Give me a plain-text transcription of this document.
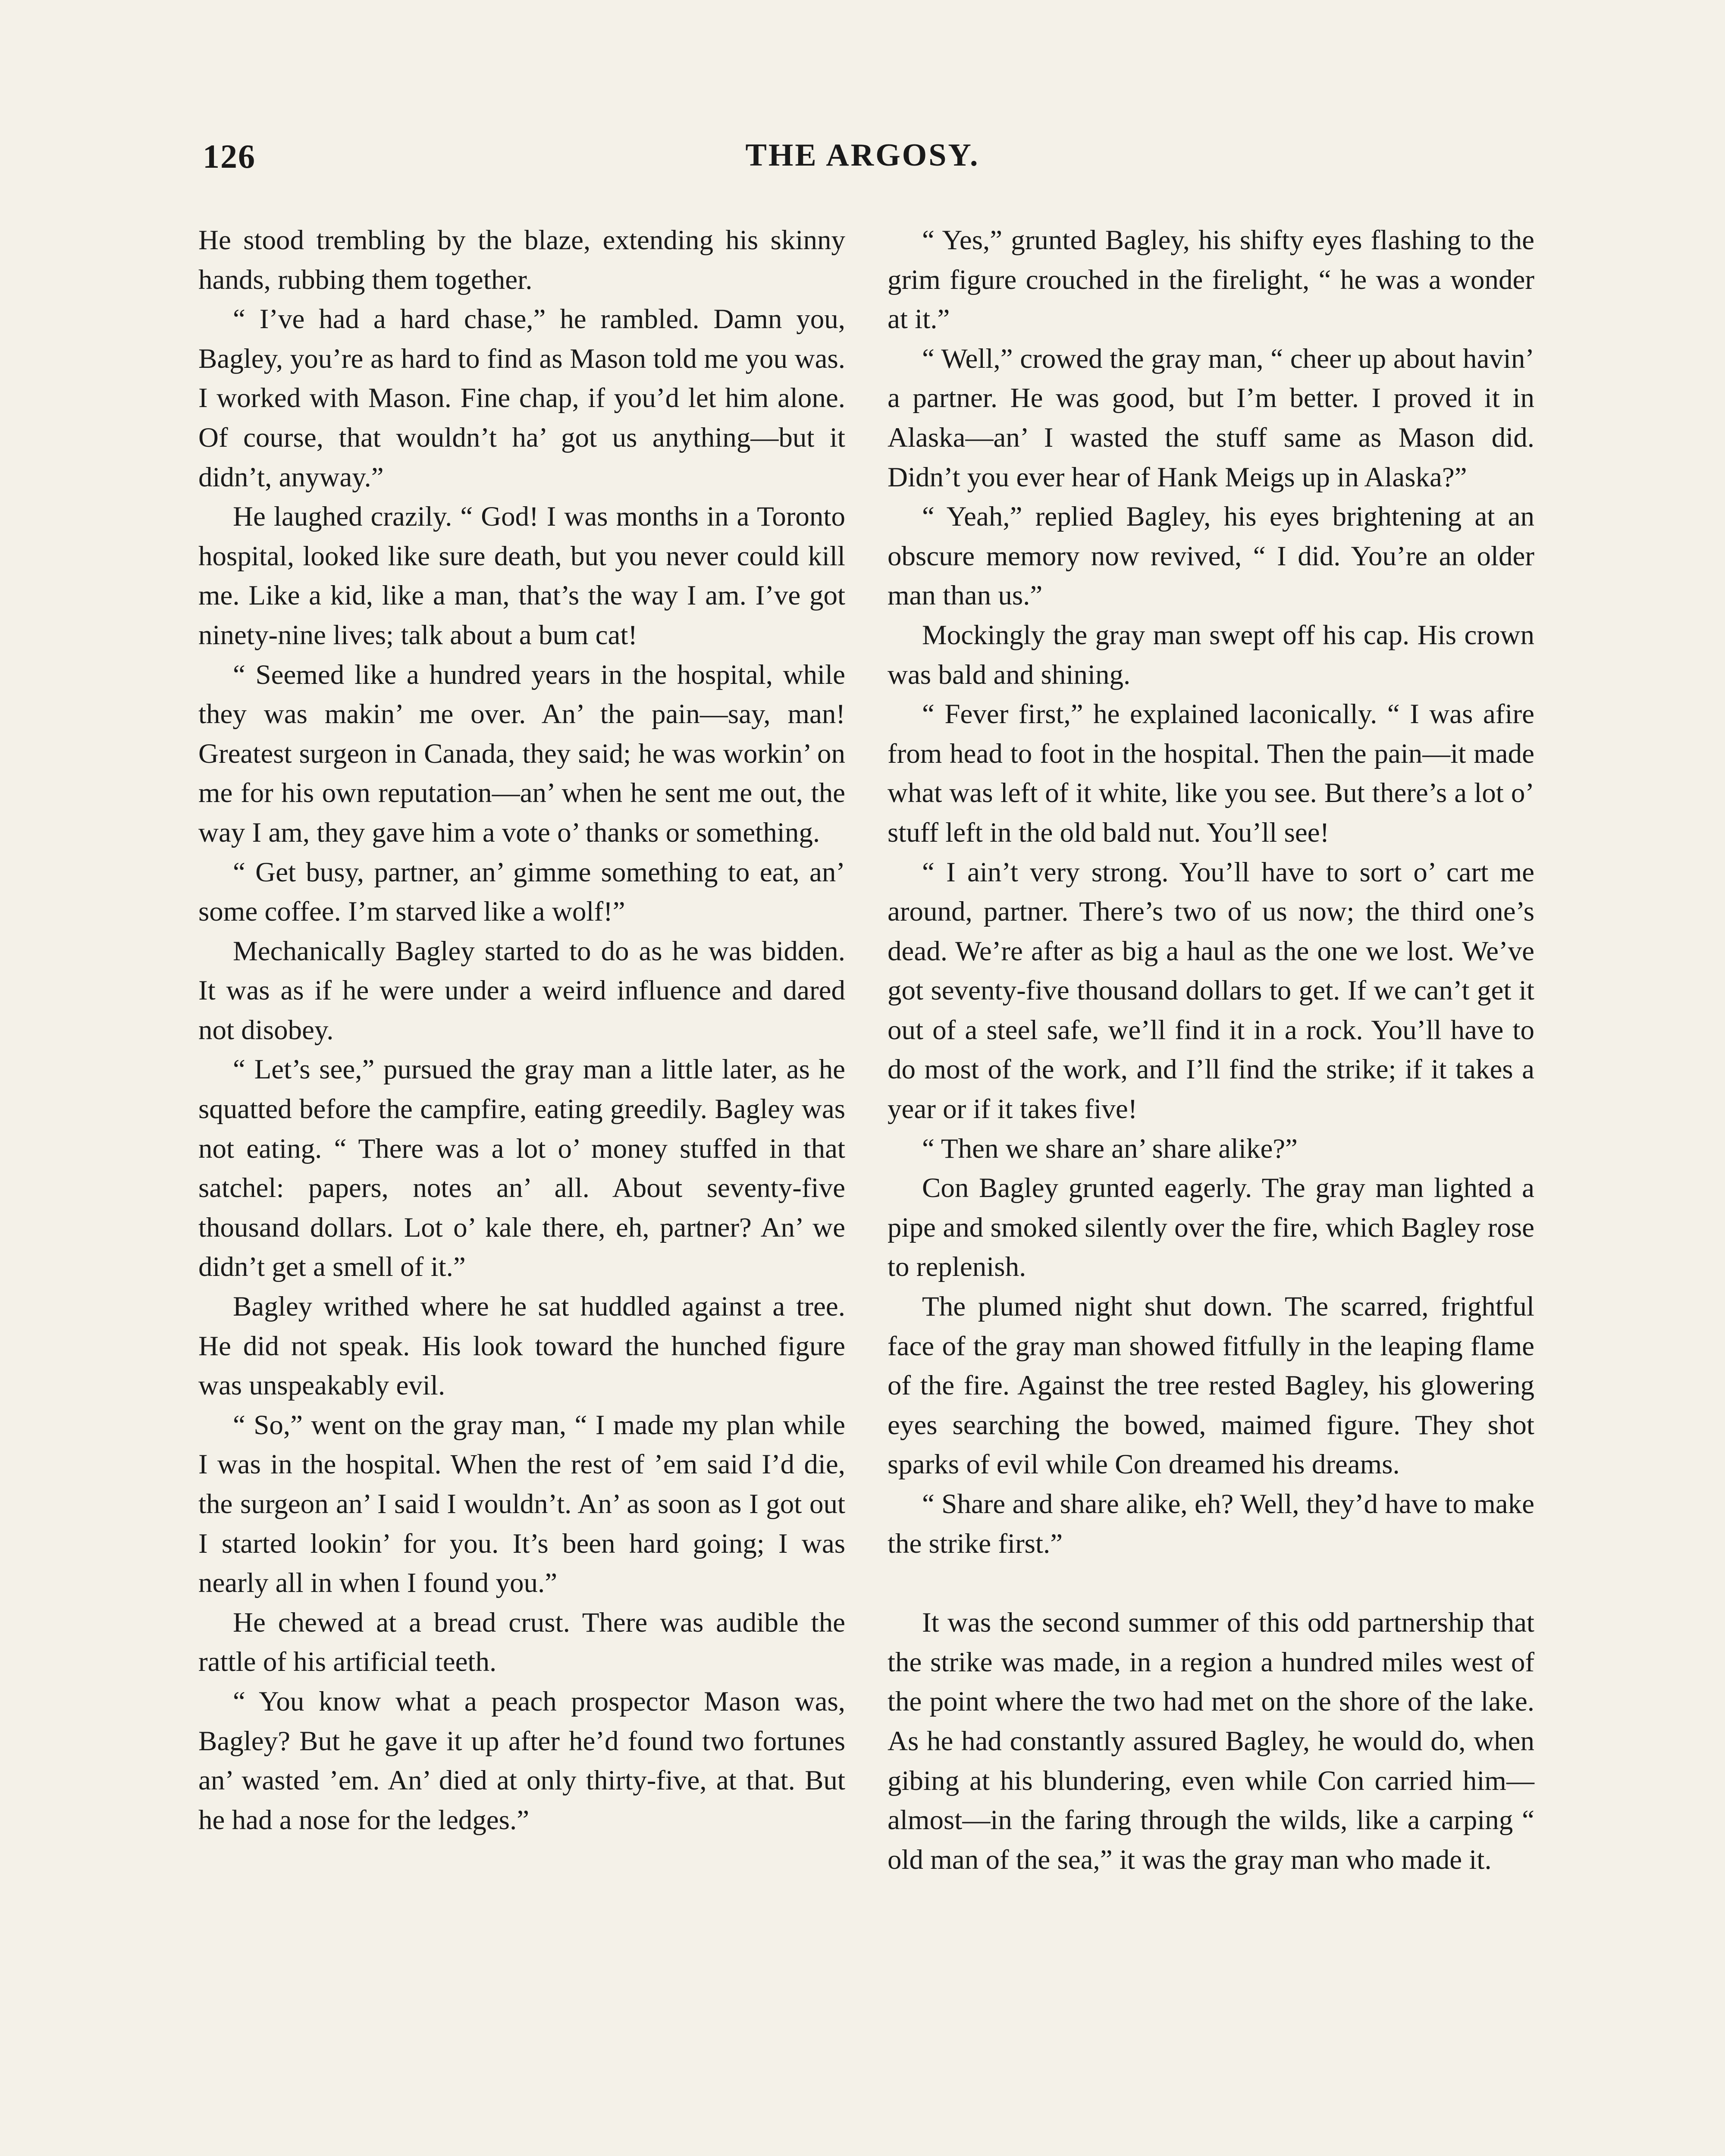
126	THE ARGOSY.

He stood trembling by the blaze, extending his skinny hands, rubbing them together.

“ I’ve had a hard chase,” he rambled. Damn you, Bagley, you’re as hard to find as Mason told me you was. I worked with Mason. Fine chap, if you’d let him alone. Of course, that wouldn’t ha’ got us anything—but it didn’t, anyway.”

He laughed crazily. “ God! I was months in a Toronto hospital, looked like sure death, but you never could kill me. Like a kid, like a man, that’s the way I am. I’ve got ninety-nine lives; talk about a bum cat!

“ Seemed like a hundred years in the hospital, while they was makin’ me over. An’ the pain—say, man! Greatest surgeon in Canada, they said; he was workin’ on me for his own reputation—an’ when he sent me out, the way I am, they gave him a vote o’ thanks or something.

“ Get busy, partner, an’ gimme something to eat, an’ some coffee. I’m starved like a wolf!”

Mechanically Bagley started to do as he was bidden. It was as if he were under a weird influence and dared not disobey.

“ Let’s see,” pursued the gray man a little later, as he squatted before the campfire, eating greedily. Bagley was not eating. “ There was a lot o’ money stuffed in that satchel: papers, notes an’ all. About seventy-five thousand dollars. Lot o’ kale there, eh, partner? An’ we didn’t get a smell of it.”

Bagley writhed where he sat huddled against a tree. He did not speak. His look toward the hunched figure was unspeakably evil.

“ So,” went on the gray man, “ I made my plan while I was in the hospital. When the rest of ’em said I’d die, the surgeon an’ I said I wouldn’t. An’ as soon as I got out I started lookin’ for you. It’s been hard going; I was nearly all in when I found you.”

He chewed at a bread crust. There was audible the rattle of his artificial teeth.

“ You know what a peach prospector Mason was, Bagley? But he gave it up after he’d found two fortunes an’ wasted ’em. An’ died at only thirty-five, at that. But he had a nose for the ledges.”

“ Yes,” grunted Bagley, his shifty eyes flashing to the grim figure crouched in the firelight, “ he was a wonder at it.”

“ Well,” crowed the gray man, “ cheer up about havin’ a partner. He was good, but I’m better. I proved it in Alaska—an’ I wasted the stuff same as Mason did. Didn’t you ever hear of Hank Meigs up in Alaska?”

“ Yeah,” replied Bagley, his eyes brightening at an obscure memory now revived, “ I did. You’re an older man than us.”

Mockingly the gray man swept off his cap. His crown was bald and shining.

“ Fever first,” he explained laconically. “ I was afire from head to foot in the hospital. Then the pain—it made what was left of it white, like you see. But there’s a lot o’ stuff left in the old bald nut. You’ll see!

“ I ain’t very strong. You’ll have to sort o’ cart me around, partner. There’s two of us now; the third one’s dead. We’re after as big a haul as the one we lost. We’ve got seventy-five thousand dollars to get. If we can’t get it out of a steel safe, we’ll find it in a rock. You’ll have to do most of the work, and I’ll find the strike; if it takes a year or if it takes five!

“ Then we share an’ share alike?”

Con Bagley grunted eagerly. The gray man lighted a pipe and smoked silently over the fire, which Bagley rose to replenish.

The plumed night shut down. The scarred, frightful face of the gray man showed fitfully in the leaping flame of the fire. Against the tree rested Bagley, his glowering eyes searching the bowed, maimed figure. They shot sparks of evil while Con dreamed his dreams.

“ Share and share alike, eh? Well, they’d have to make the strike first.”

It was the second summer of this odd partnership that the strike was made, in a region a hundred miles west of the point where the two had met on the shore of the lake. As he had constantly assured Bagley, he would do, when gibing at his blundering, even while Con carried him—almost—in the faring through the wilds, like a carping “ old man of the sea,” it was the gray man who made it.
